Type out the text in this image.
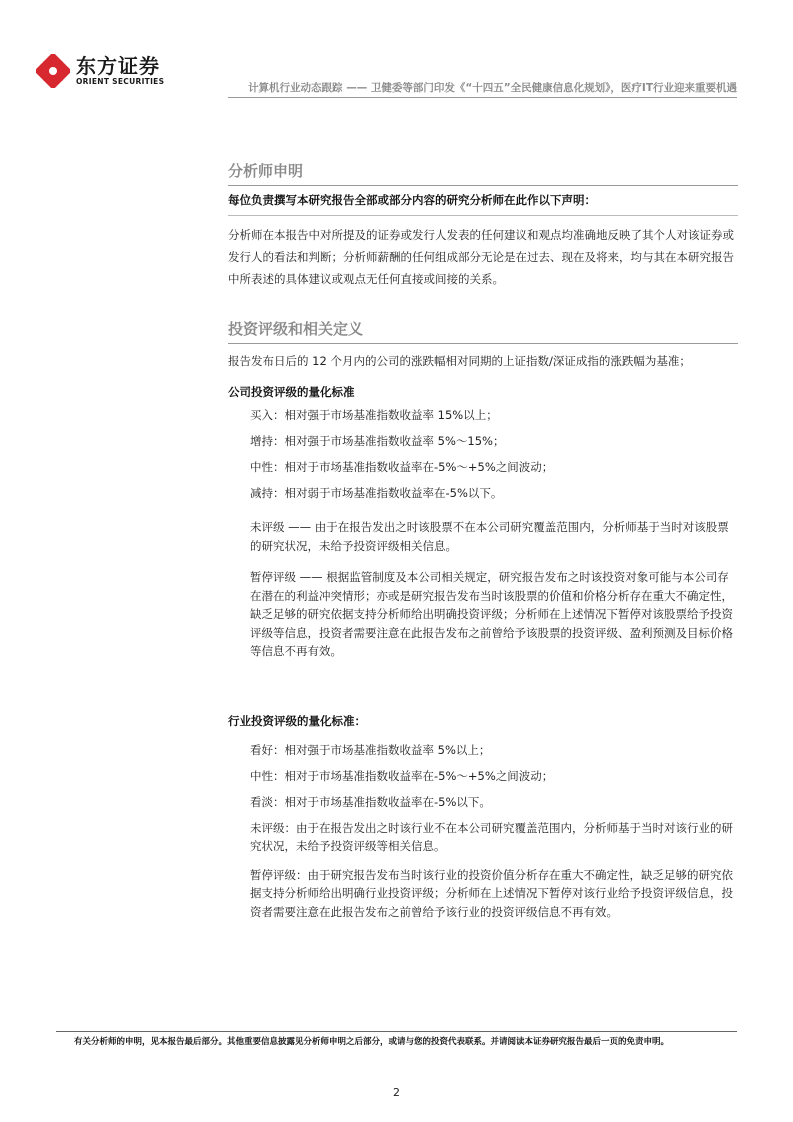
东方证券
ORIENT SECURITIES
计算机行业动态跟踪 —— 卫健委等部门印发《“十四五”全民健康信息化规划》，医疗IT行业迎来重要机遇
分析师申明
每位负责撰写本研究报告全部或部分内容的研究分析师在此作以下声明：
分析师在本报告中对所提及的证券或发行人发表的任何建议和观点均准确地反映了其个人对该证券或发行人的看法和判断；分析师薪酬的任何组成部分无论是在过去、现在及将来，均与其在本研究报告中所表述的具体建议或观点无任何直接或间接的关系。
投资评级和相关定义
报告发布日后的 12 个月内的公司的涨跌幅相对同期的上证指数/深证成指的涨跌幅为基准；
公司投资评级的量化标准
买入：相对强于市场基准指数收益率 15%以上；
增持：相对强于市场基准指数收益率 5%～15%；
中性：相对于市场基准指数收益率在-5%～+5%之间波动；
减持：相对弱于市场基准指数收益率在-5%以下。
未评级 —— 由于在报告发出之时该股票不在本公司研究覆盖范围内，分析师基于当时对该股票的研究状况，未给予投资评级相关信息。
暂停评级 —— 根据监管制度及本公司相关规定，研究报告发布之时该投资对象可能与本公司存在潜在的利益冲突情形；亦或是研究报告发布当时该股票的价值和价格分析存在重大不确定性，缺乏足够的研究依据支持分析师给出明确投资评级；分析师在上述情况下暂停对该股票给予投资评级等信息，投资者需要注意在此报告发布之前曾给予该股票的投资评级、盈利预测及目标价格等信息不再有效。
行业投资评级的量化标准：
看好：相对强于市场基准指数收益率 5%以上；
中性：相对于市场基准指数收益率在-5%～+5%之间波动；
看淡：相对于市场基准指数收益率在-5%以下。
未评级：由于在报告发出之时该行业不在本公司研究覆盖范围内，分析师基于当时对该行业的研究状况，未给予投资评级等相关信息。
暂停评级：由于研究报告发布当时该行业的投资价值分析存在重大不确定性，缺乏足够的研究依据支持分析师给出明确行业投资评级；分析师在上述情况下暂停对该行业给予投资评级信息，投资者需要注意在此报告发布之前曾给予该行业的投资评级信息不再有效。
有关分析师的申明，见本报告最后部分。其他重要信息披露见分析师申明之后部分，或请与您的投资代表联系。并请阅读本证券研究报告最后一页的免责申明。
2
